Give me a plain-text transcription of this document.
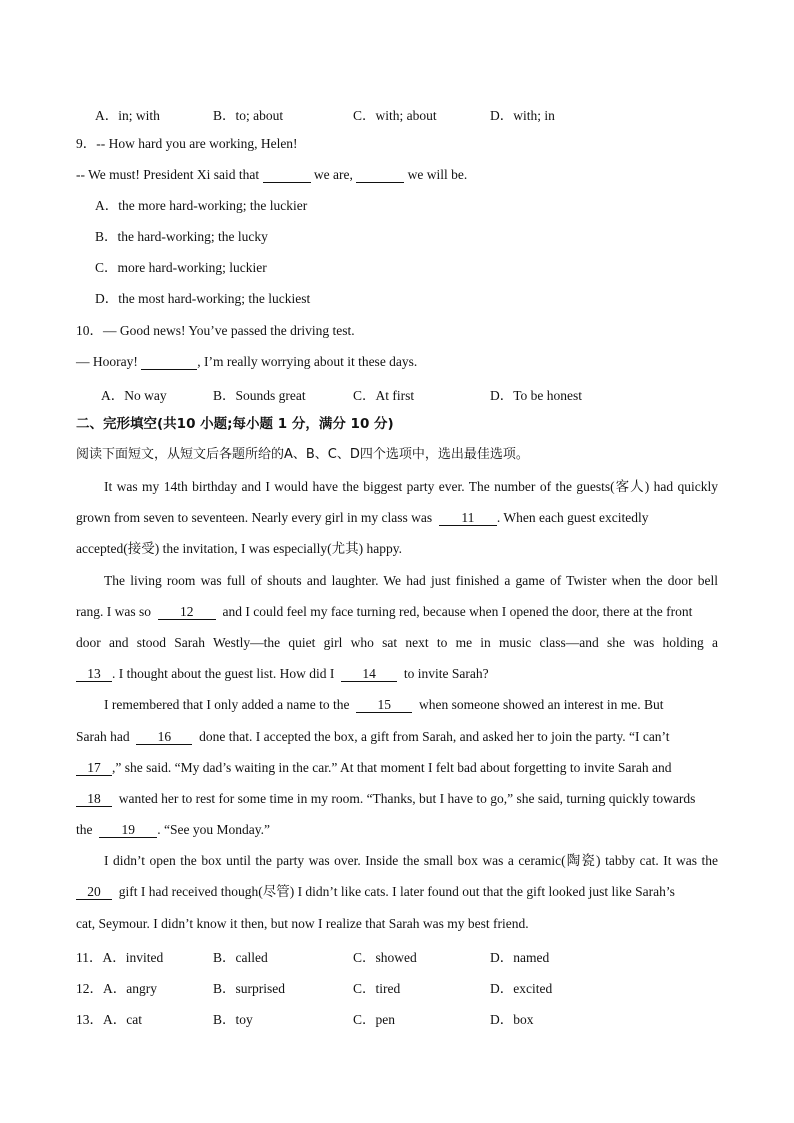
A．in; with	B．to; about	C．with; about	D．with; in
9．-- How hard you are working, Helen!
-- We must! President Xi said that	we are,	we will be.
A．the more hard-working; the luckier
B．the hard-working; the lucky
C．more hard-working; luckier
D．the most hard-working; the luckiest
10．— Good news! You’ve passed the driving test.
— Hooray!	, I’m really worrying about it these days.
A．No way	B．Sounds great	C．At first	D．To be honest
二、完形填空(共10 小题;每小题 1 分，满分 10 分)
阅读下面短文，从短文后各题所给的A、B、C、D四个选项中，选出最佳选项。
It was my 14th birthday and I would have the biggest party ever. The number of the guests(客人) had quickly
grown from seven to seventeen. Nearly every girl in my class was 11 . When each guest excitedly
accepted(接受) the invitation, I was especially(尤其) happy.
The living room was full of shouts and laughter. We had just finished a game of Twister when the door bell
rang. I was so 12 and I could feel my face turning red, because when I opened the door, there at the front
door and stood Sarah Westly—the quiet girl who sat next to me in music class—and she was holding a
13 . I thought about the guest list. How did I 14 to invite Sarah?
I remembered that I only added a name to the 15 when someone showed an interest in me. But
Sarah had 16 done that. I accepted the box, a gift from Sarah, and asked her to join the party. “I can’t
17 ,” she said. “My dad’s waiting in the car.” At that moment I felt bad about forgetting to invite Sarah and
18 wanted her to rest for some time in my room. “Thanks, but I have to go,” she said, turning quickly towards
the 19 . “See you Monday.”
I didn’t open the box until the party was over. Inside the small box was a ceramic(陶瓷) tabby cat. It was the
20 gift I had received though(尽管) I didn’t like cats. I later found out that the gift looked just like Sarah’s
cat, Seymour. I didn’t know it then, but now I realize that Sarah was my best friend.
11．A．invited	B．called	C．showed	D．named
12．A．angry	B．surprised	C．tired	D．excited
13．A．cat	B．toy	C．pen	D．box
